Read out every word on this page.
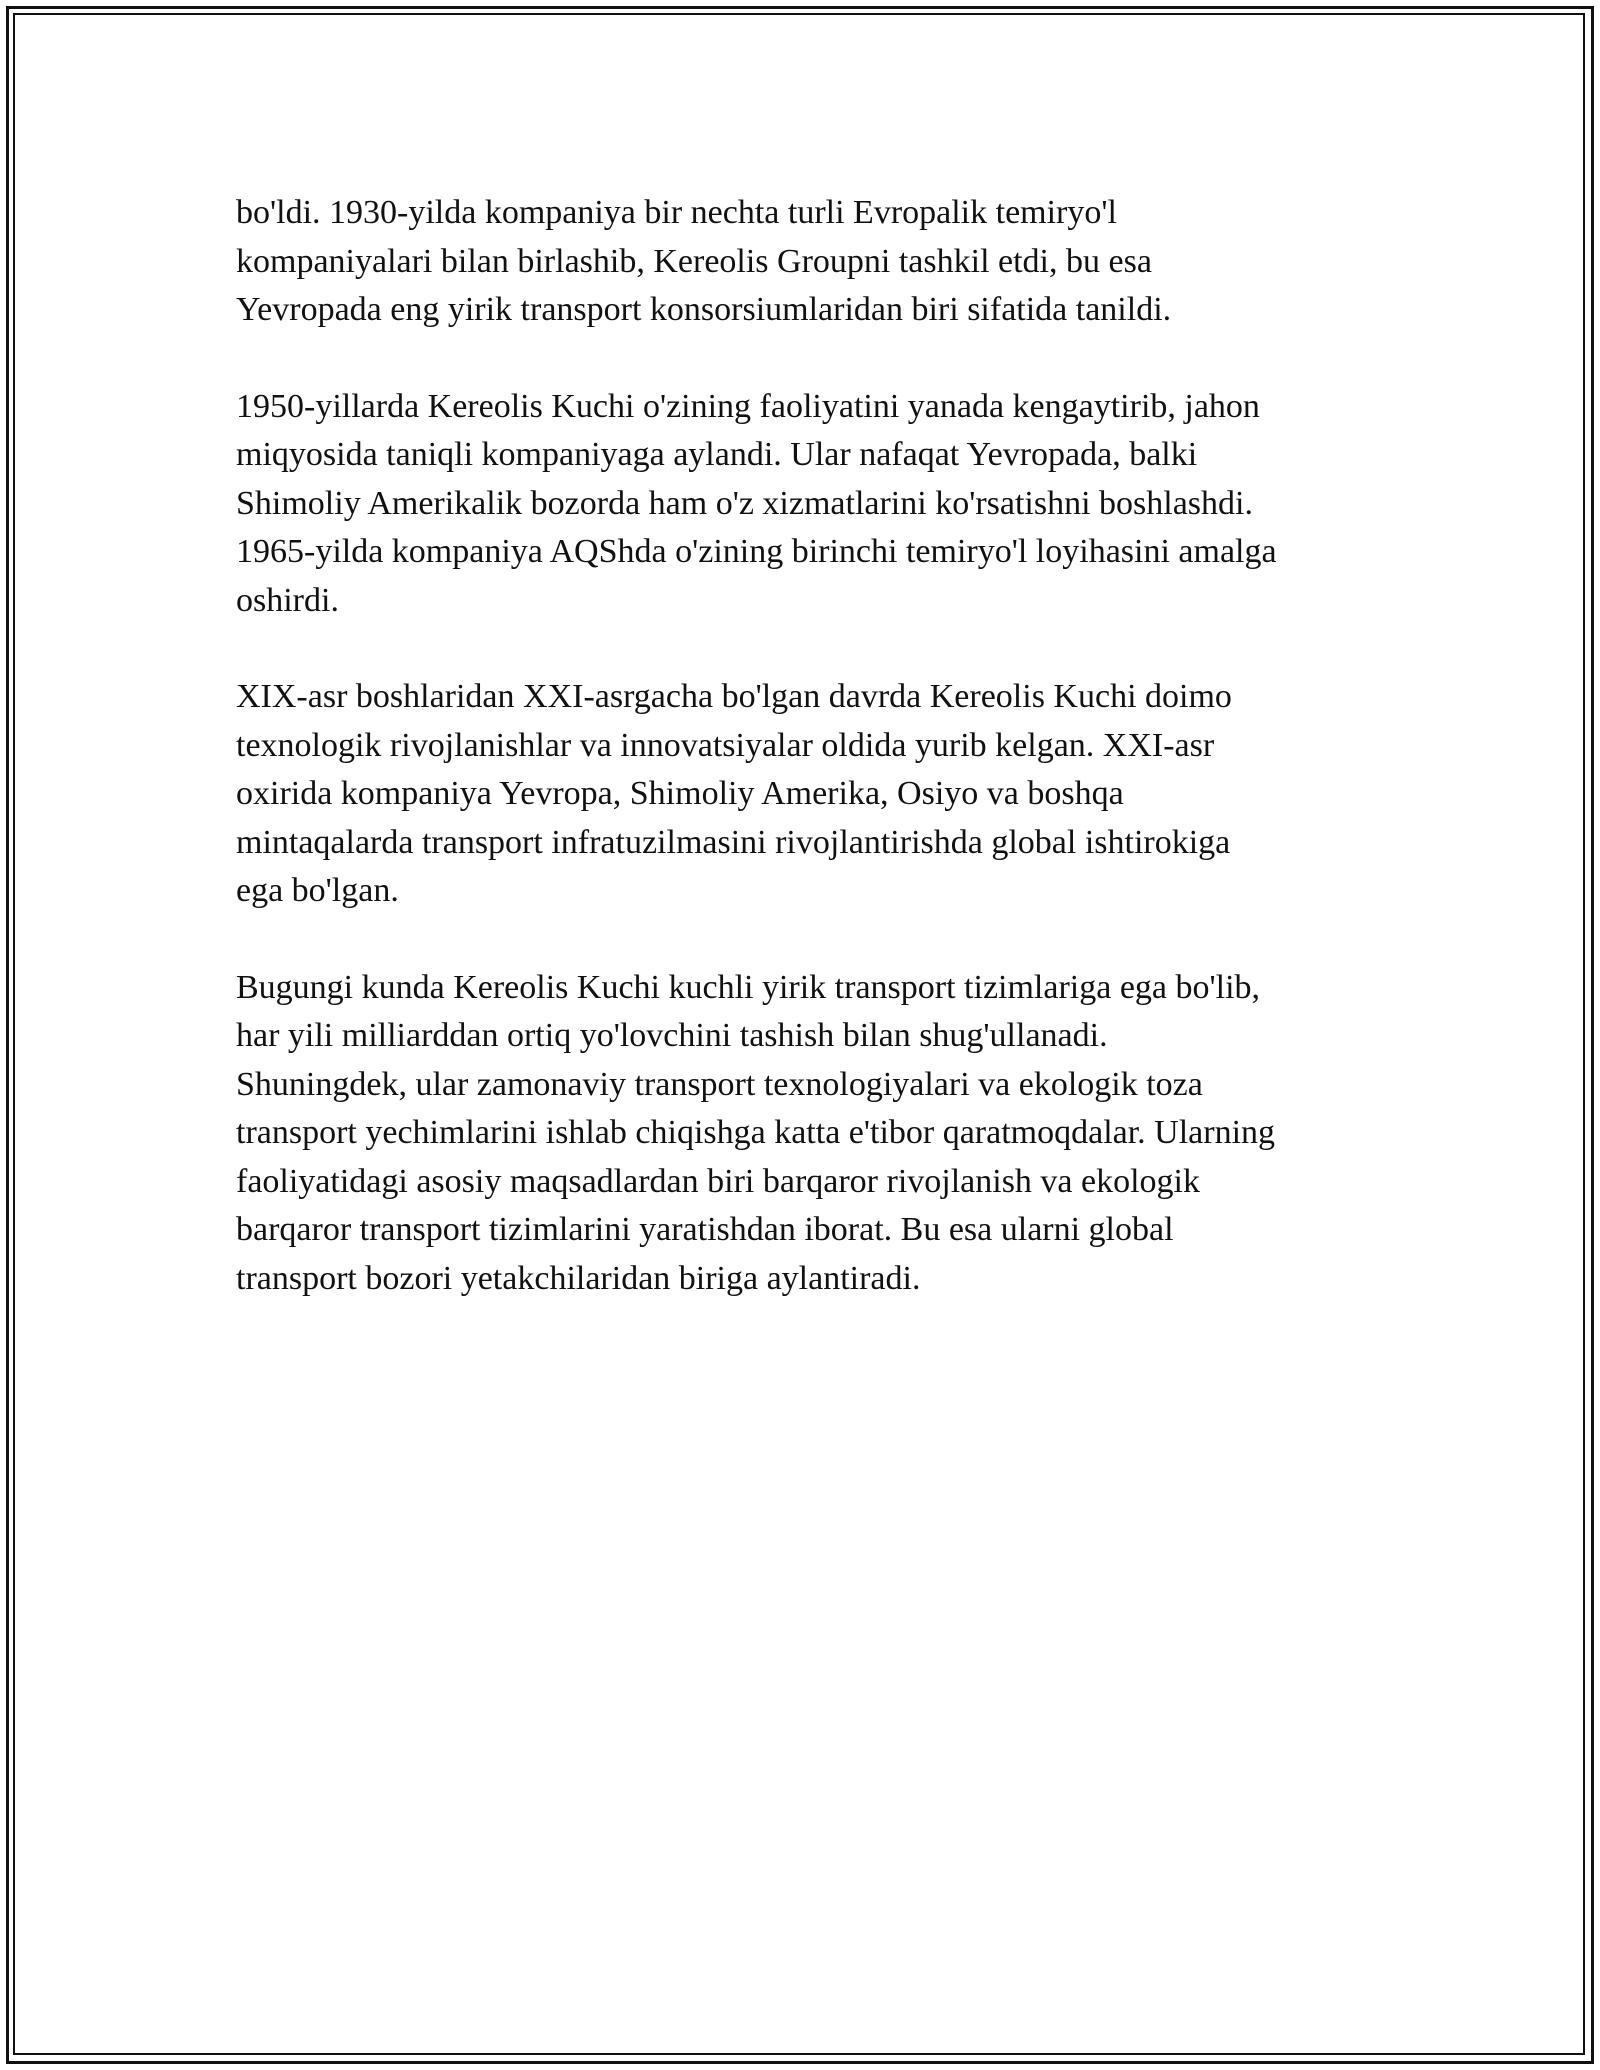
bo'ldi. 1930-yilda kompaniya bir nechta turli Evropalik temiryo'l
kompaniyalari bilan birlashib, Kereolis Groupni tashkil etdi, bu esa
Yevropada eng yirik transport konsorsiumlaridan biri sifatida tanildi.

1950-yillarda Kereolis Kuchi o'zining faoliyatini yanada kengaytirib, jahon
miqyosida taniqli kompaniyaga aylandi. Ular nafaqat Yevropada, balki
Shimoliy Amerikalik bozorda ham o'z xizmatlarini ko'rsatishni boshlashdi.
1965-yilda kompaniya AQShda o'zining birinchi temiryo'l loyihasini amalga
oshirdi.

XIX-asr boshlaridan XXI-asrgacha bo'lgan davrda Kereolis Kuchi doimo
texnologik rivojlanishlar va innovatsiyalar oldida yurib kelgan. XXI-asr
oxirida kompaniya Yevropa, Shimoliy Amerika, Osiyo va boshqa
mintaqalarda transport infratuzilmasini rivojlantirishda global ishtirokiga
ega bo'lgan.

Bugungi kunda Kereolis Kuchi kuchli yirik transport tizimlariga ega bo'lib,
har yili milliarddan ortiq yo'lovchini tashish bilan shug'ullanadi.
Shuningdek, ular zamonaviy transport texnologiyalari va ekologik toza
transport yechimlarini ishlab chiqishga katta e'tibor qaratmoqdalar. Ularning
faoliyatidagi asosiy maqsadlardan biri barqaror rivojlanish va ekologik
barqaror transport tizimlarini yaratishdan iborat. Bu esa ularni global
transport bozori yetakchilaridan biriga aylantiradi.
